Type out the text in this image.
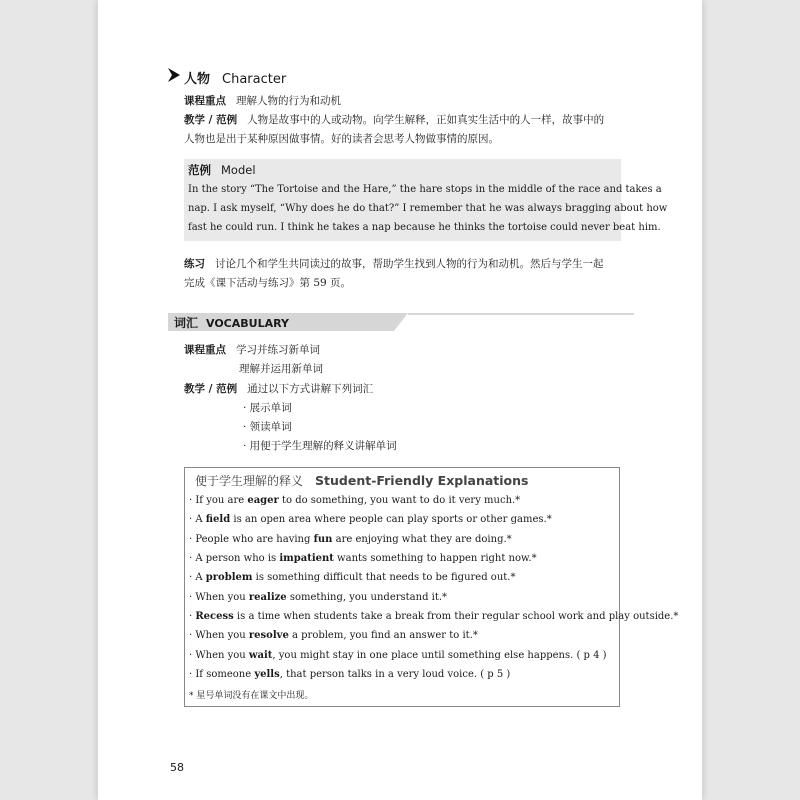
人物 Character
课程重点 理解人物的行为和动机
教学 / 范例 人物是故事中的人或动物。向学生解释，正如真实生活中的人一样，故事中的
人物也是出于某种原因做事情。好的读者会思考人物做事情的原因。
范例 Model
In the story “The Tortoise and the Hare,” the hare stops in the middle of the race and takes a
nap. I ask myself, “Why does he do that?” I remember that he was always bragging about how
fast he could run. I think he takes a nap because he thinks the tortoise could never beat him.
练习 讨论几个和学生共同读过的故事，帮助学生找到人物的行为和动机。然后与学生一起
完成《课下活动与练习》第 59 页。
词汇 VOCABULARY
课程重点 学习并练习新单词
理解并运用新单词
教学 / 范例 通过以下方式讲解下列词汇
· 展示单词
· 领读单词
· 用便于学生理解的释义讲解单词
便于学生理解的释义 Student-Friendly Explanations
· If you are eager to do something, you want to do it very much.*
· A field is an open area where people can play sports or other games.*
· People who are having fun are enjoying what they are doing.*
· A person who is impatient wants something to happen right now.*
· A problem is something difficult that needs to be figured out.*
· When you realize something, you understand it.*
· Recess is a time when students take a break from their regular school work and play outside.*
· When you resolve a problem, you find an answer to it.*
· When you wait, you might stay in one place until something else happens. ( p 4 )
· If someone yells, that person talks in a very loud voice. ( p 5 )
* 星号单词没有在课文中出现。
58
